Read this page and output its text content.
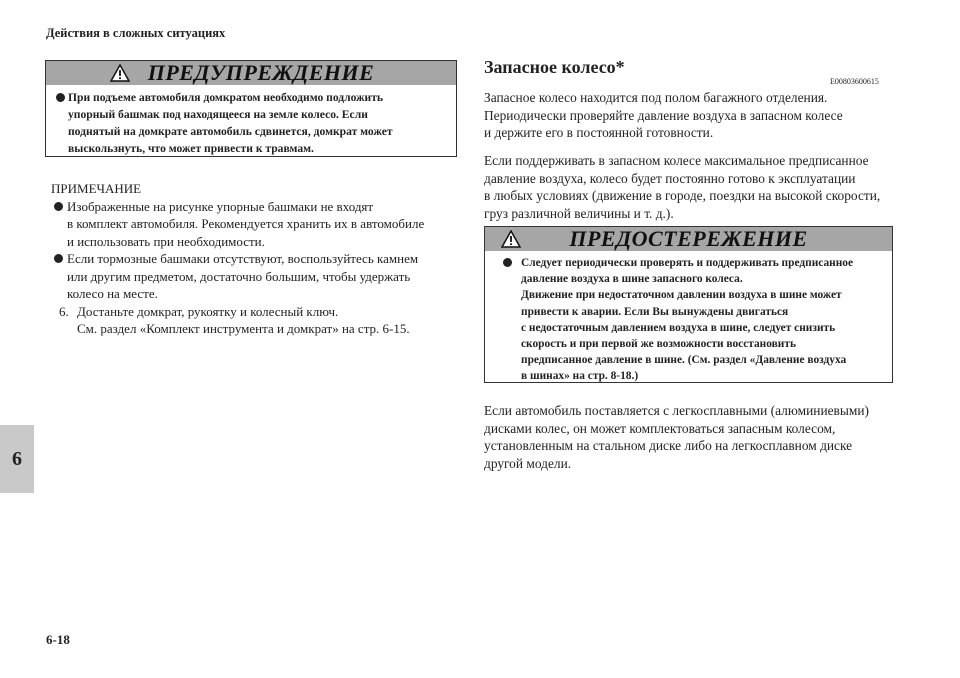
Действия в сложных ситуациях
6
ПРЕДУПРЕЖДЕНИЕ
При подъеме автомобиля домкратом необходимо подложить
упорный башмак под находящееся на земле колесо. Если
поднятый на домкрате автомобиль сдвинется, домкрат может
выскользнуть, что может привести к травмам.
ПРИМЕЧАНИЕ
Изображенные на рисунке упорные башмаки не входят
в комплект автомобиля. Рекомендуется хранить их в автомобиле
и использовать при необходимости.
Если тормозные башмаки отсутствуют, воспользуйтесь камнем
или другим предметом, достаточно большим, чтобы удержать
колесо на месте.
6. Достаньте домкрат, рукоятку и колесный ключ.
См. раздел «Комплект инструмента и домкрат» на стр. 6-15.
6-18
Запасное колесо*
E00803600615
Запасное колесо находится под полом багажного отделения.
Периодически проверяйте давление воздуха в запасном колесе
и держите его в постоянной готовности.
Если поддерживать в запасном колесе максимальное предписанное
давление воздуха, колесо будет постоянно готово к эксплуатации
в любых условиях (движение в городе, поездки на высокой скорости,
груз различной величины и т. д.).
ПРЕДОСТЕРЕЖЕНИЕ
Следует периодически проверять и поддерживать предписанное
давление воздуха в шине запасного колеса.
Движение при недостаточном давлении воздуха в шине может
привести к аварии. Если Вы вынуждены двигаться
с недостаточным давлением воздуха в шине, следует снизить
скорость и при первой же возможности восстановить
предписанное давление в шине. (См. раздел «Давление воздуха
в шинах» на стр. 8-18.)
Если автомобиль поставляется с легкосплавными (алюминиевыми)
дисками колес, он может комплектоваться запасным колесом,
установленным на стальном диске либо на легкосплавном диске
другой модели.
